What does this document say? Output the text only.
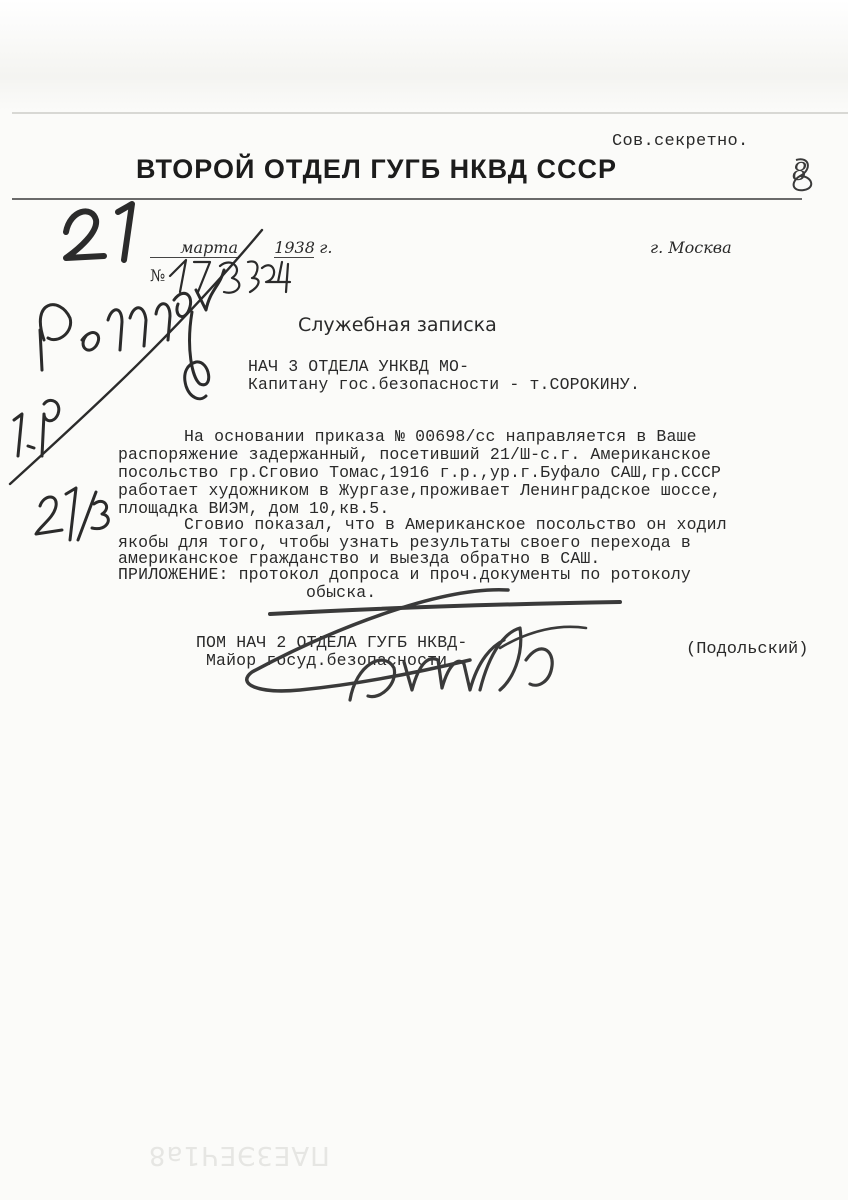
Сов.секретно.
ВТОРОЙ ОТДЕЛ ГУГБ НКВД СССР	8
марта 1938 г.	г. Москва
№
Служебная записка
НАЧ 3 ОТДЕЛА УНКВД МО-
Капитану гос.безопасности - т.СОРОКИНУ.
На основании приказа № 00698/сс направляется в Ваше
распоряжение задержанный, посетивший 21/Ш-с.г. Американское
посольство гр.Сговио Томас,1916 г.р.,ур.г.Буфало САШ,гр.СССР
работает художником в Жургазе,проживает Ленинградское шоссе,
площадка ВИЭМ, дом 10,кв.5.
Сговио показал, что в Американское посольство он ходил
якобы для того, чтобы узнать результаты своего перехода в
американское гражданство и выезда обратно в САШ.
ПРИЛОЖЕНИЕ: протокол допроса и проч.документы по ротоколу
обыска.
ПОМ НАЧ 2 ОТДЕЛА ГУГБ НКВД-
Майор госуд.безопасности
(Подольский)
ПАЕ3ЭЕЧ1а8
